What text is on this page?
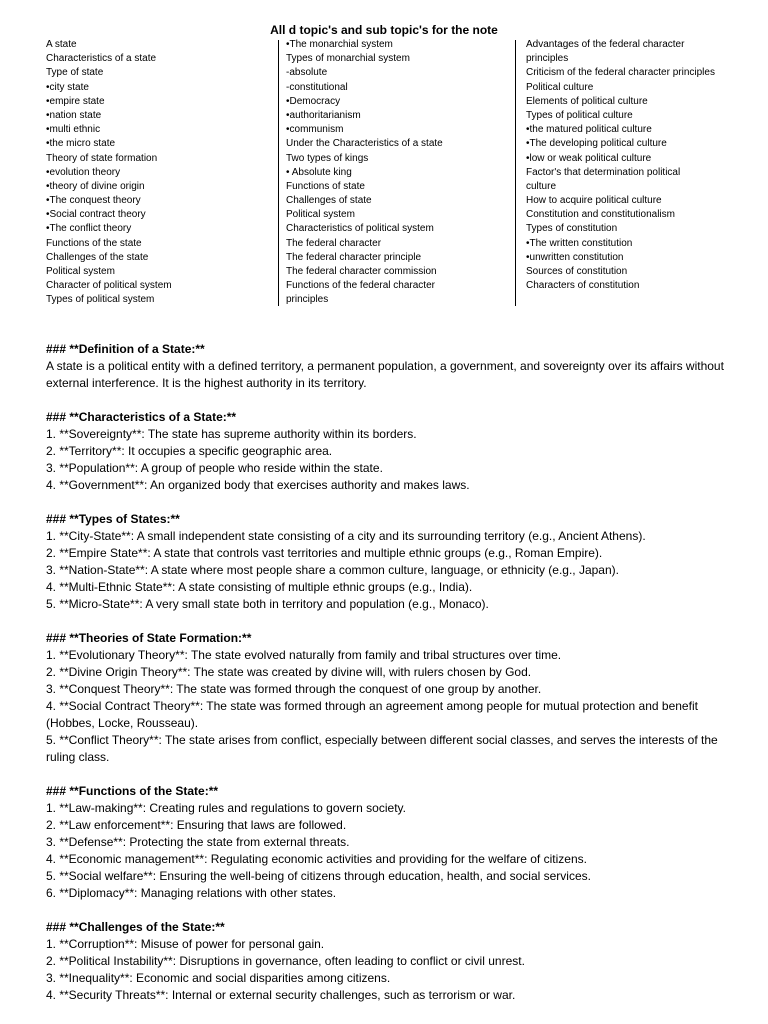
All d topic's and sub topic's for the note
A state
Characteristics of a state
Type of state
•city state
•empire state
•nation state
•multi ethnic
•the micro state
Theory of state formation
•evolution theory
•theory of divine origin
•The conquest theory
•Social contract theory
•The conflict theory
Functions of the state
Challenges of the state
Political system
Character of political system
Types of political system
•The monarchial system
Types of monarchial system
-absolute
-constitutional
•Democracy
•authoritarianism
•communism
Under the Characteristics of a state
Two types of kings
• Absolute king
Functions of state
Challenges of state
Political system
Characteristics of political system
The federal character
The federal character principle
The federal character commission
Functions of the federal character
principles
Advantages of the federal character
principles
Criticism of the federal character principles
Political culture
Elements of political culture
Types of political culture
•the matured political culture
•The developing political culture
•low or weak political culture
Factor's that determination political
culture
How to acquire political culture
Constitution and constitutionalism
Types of constitution
•The written constitution
•unwritten constitution
Sources of constitution
Characters of constitution
### **Definition of a State:**
A state is a political entity with a defined territory, a permanent population, a government, and sovereignty over its affairs without external interference. It is the highest authority in its territory.
### **Characteristics of a State:**
1. **Sovereignty**: The state has supreme authority within its borders.
2. **Territory**: It occupies a specific geographic area.
3. **Population**: A group of people who reside within the state.
4. **Government**: An organized body that exercises authority and makes laws.
### **Types of States:**
1. **City-State**: A small independent state consisting of a city and its surrounding territory (e.g., Ancient Athens).
2. **Empire State**: A state that controls vast territories and multiple ethnic groups (e.g., Roman Empire).
3. **Nation-State**: A state where most people share a common culture, language, or ethnicity (e.g., Japan).
4. **Multi-Ethnic State**: A state consisting of multiple ethnic groups (e.g., India).
5. **Micro-State**: A very small state both in territory and population (e.g., Monaco).
### **Theories of State Formation:**
1. **Evolutionary Theory**: The state evolved naturally from family and tribal structures over time.
2. **Divine Origin Theory**: The state was created by divine will, with rulers chosen by God.
3. **Conquest Theory**: The state was formed through the conquest of one group by another.
4. **Social Contract Theory**: The state was formed through an agreement among people for mutual protection and benefit (Hobbes, Locke, Rousseau).
5. **Conflict Theory**: The state arises from conflict, especially between different social classes, and serves the interests of the ruling class.
### **Functions of the State:**
1. **Law-making**: Creating rules and regulations to govern society.
2. **Law enforcement**: Ensuring that laws are followed.
3. **Defense**: Protecting the state from external threats.
4. **Economic management**: Regulating economic activities and providing for the welfare of citizens.
5. **Social welfare**: Ensuring the well-being of citizens through education, health, and social services.
6. **Diplomacy**: Managing relations with other states.
### **Challenges of the State:**
1. **Corruption**: Misuse of power for personal gain.
2. **Political Instability**: Disruptions in governance, often leading to conflict or civil unrest.
3. **Inequality**: Economic and social disparities among citizens.
4. **Security Threats**: Internal or external security challenges, such as terrorism or war.
